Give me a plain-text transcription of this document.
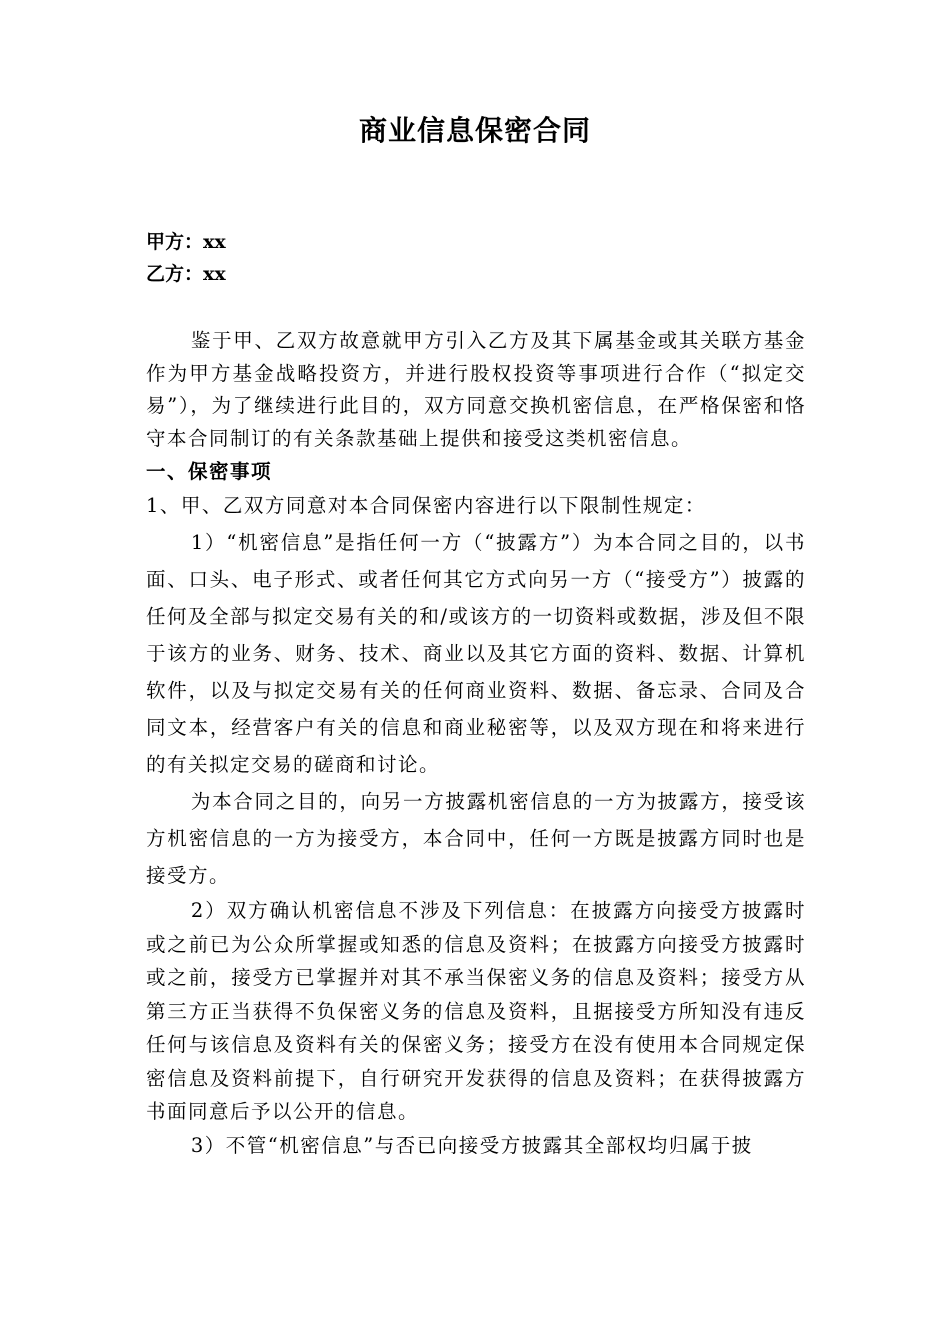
商业信息保密合同
甲方：xx
乙方：xx

鉴于甲、乙双方故意就甲方引入乙方及其下属基金或其关联方基金作为甲方基金战略投资方，并进行股权投资等事项进行合作（“拟定交易”），为了继续进行此目的，双方同意交换机密信息，在严格保密和恪守本合同制订的有关条款基础上提供和接受这类机密信息。

一、保密事项

1、甲、乙双方同意对本合同保密内容进行以下限制性规定：

1）“机密信息”是指任何一方（“披露方”）为本合同之目的，以书面、口头、电子形式、或者任何其它方式向另一方（“接受方”）披露的任何及全部与拟定交易有关的和/或该方的一切资料或数据，涉及但不限于该方的业务、财务、技术、商业以及其它方面的资料、数据、计算机软件，以及与拟定交易有关的任何商业资料、数据、备忘录、合同及合同文本，经营客户有关的信息和商业秘密等，以及双方现在和将来进行的有关拟定交易的磋商和讨论。

为本合同之目的，向另一方披露机密信息的一方为披露方，接受该方机密信息的一方为接受方，本合同中，任何一方既是披露方同时也是接受方。

2）双方确认机密信息不涉及下列信息：在披露方向接受方披露时或之前已为公众所掌握或知悉的信息及资料；在披露方向接受方披露时或之前，接受方已掌握并对其不承当保密义务的信息及资料；接受方从第三方正当获得不负保密义务的信息及资料，且据接受方所知没有违反任何与该信息及资料有关的保密义务；接受方在没有使用本合同规定保密信息及资料前提下，自行研究开发获得的信息及资料；在获得披露方书面同意后予以公开的信息。

3）不管“机密信息”与否已向接受方披露其全部权均归属于披
